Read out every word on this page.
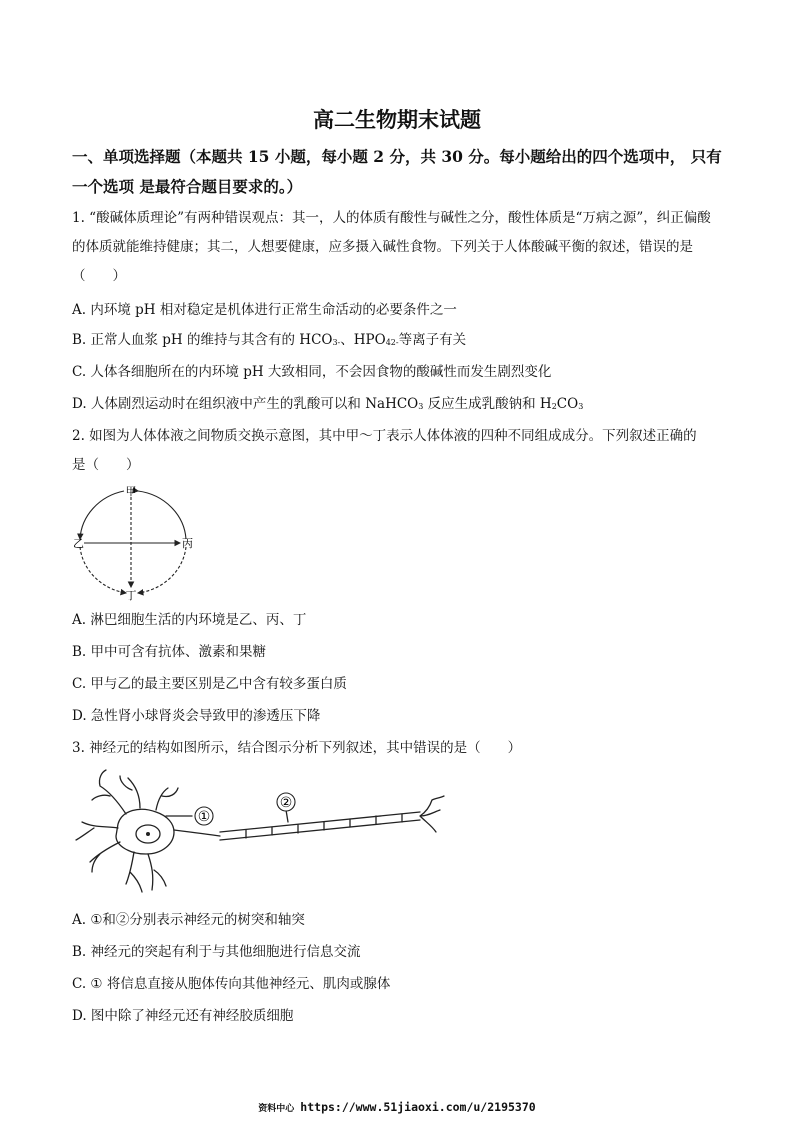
高二生物期末试题
一、单项选择题（本题共 15 小题，每小题 2 分，共 30 分。每小题给出的四个选项中， 只有一个选项 是最符合题目要求的。）
1. “酸碱体质理论”有两种错误观点：其一，人的体质有酸性与碱性之分，酸性体质是“万病之源”，纠正偏酸
的体质就能维持健康；其二，人想要健康，应多摄入碱性食物。下列关于人体酸碱平衡的叙述，错误的是
（　　）
A. 内环境 pH 相对稳定是机体进行正常生命活动的必要条件之一
B. 正常人血浆 pH 的维持与其含有的 $HCO_{3-}$、$HPO_{42-}$等离子有关
C. 人体各细胞所在的内环境 pH 大致相同，不会因食物的酸碱性而发生剧烈变化
D. 人体剧烈运动时在组织液中产生的乳酸可以和 NaHCO$_3$ 反应生成乳酸钠和 $H_2CO_3$
2. 如图为人体体液之间物质交换示意图，其中甲～丁表示人体体液的四种不同组成成分。下列叙述正确的
是（　　）
甲
乙	丙
丁
A. 淋巴细胞生活的内环境是乙、丙、丁
B. 甲中可含有抗体、激素和果糖
C. 甲与乙的最主要区别是乙中含有较多蛋白质
D. 急性肾小球肾炎会导致甲的渗透压下降
3. 神经元的结构如图所示，结合图示分析下列叙述，其中错误的是（　　）
①
②
A. ①和②分别表示神经元的树突和轴突
B. 神经元的突起有利于与其他细胞进行信息交流
C. ① 将信息直接从胞体传向其他神经元、肌肉或腺体
D. 图中除了神经元还有神经胶质细胞
资料中心 https://www.51jiaoxi.com/u/2195370
